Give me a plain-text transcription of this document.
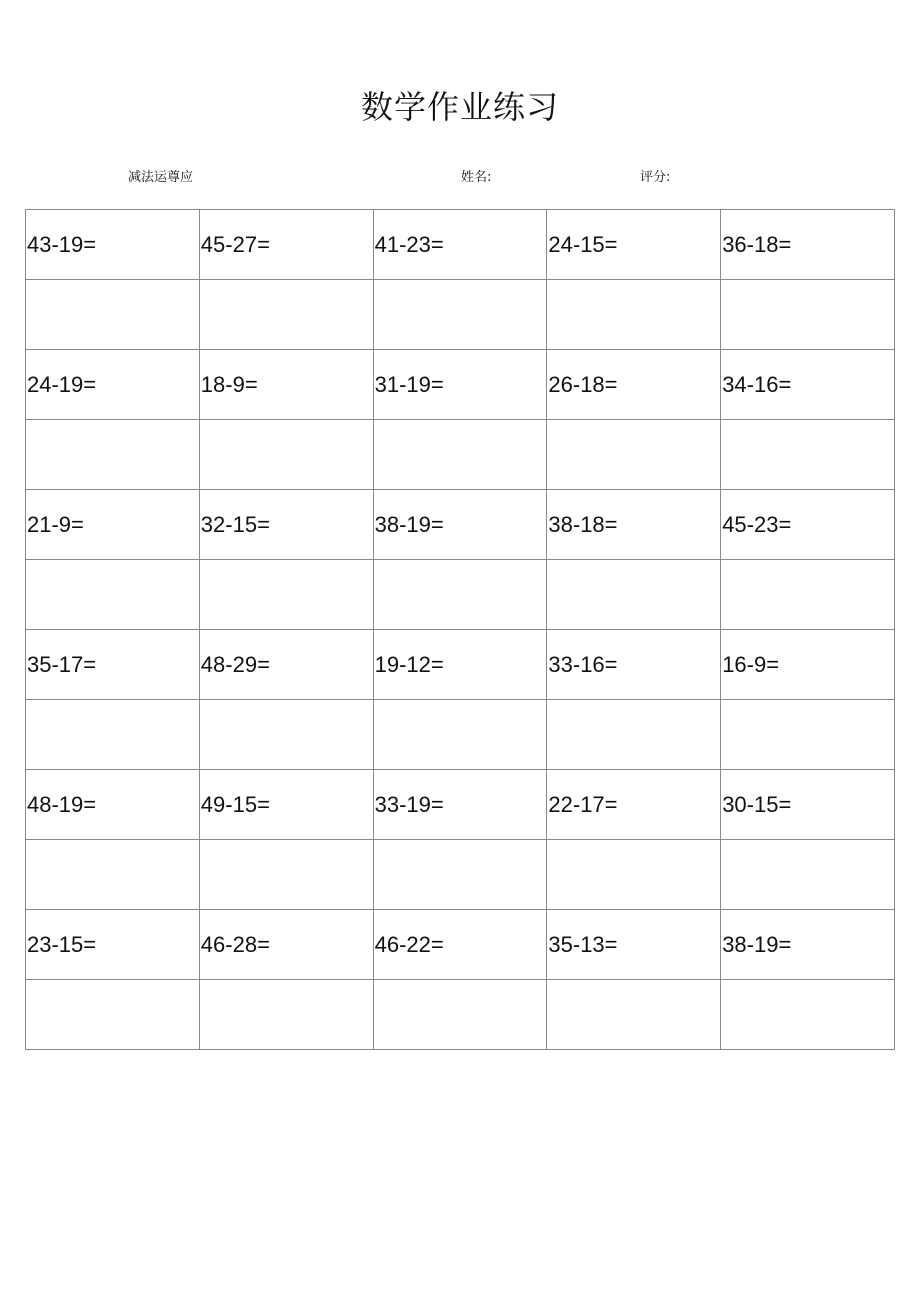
数学作业练习
减法运尊应	姓名:	评分:
43-19=	45-27=	41-23=	24-15=	36-18=

24-19=	18-9=	31-19=	26-18=	34-16=

21-9=	32-15=	38-19=	38-18=	45-23=

35-17=	48-29=	19-12=	33-16=	16-9=

48-19=	49-15=	33-19=	22-17=	30-15=

23-15=	46-28=	46-22=	35-13=	38-19=
